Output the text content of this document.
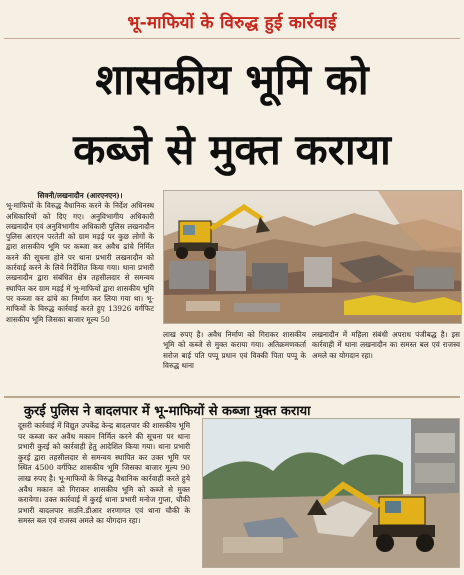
भू-माफियों के विरुद्ध हुई कार्रवाई
शासकीय भूमि को
कब्जे से मुक्त कराया
सिवनी/लखनादौन (आरएनएन)।
भू-माफियों के विरुद्ध वैधानिक करने के निर्देश अधिनस्थ अधिकारियों को दिए गए। अनुविभागीय अधिकारी लखनादौन एवं अनुविभागीय अधिकारी पुलिस लखनादौन पुलिस आरएन परतेती को ग्राम मड़ई पर कुछ लोगों के द्वारा शासकीय भूमि पर कब्जा कर अवैध ढांचे निर्मित करने की सूचना होने पर थाना प्रभारी लखनादौन को कार्रवाई करने के लिये निर्देशित किया गया। थाना प्रभारी लखनादौन द्वारा संबंधित क्षेत्र तहसीलदार से समन्वय स्थापित कर ग्राम मड़ई में भू-माफियों द्वारा शासकीय भूमि पर कब्जा कर ढांचे का निर्माण कर लिया गया था। भू-माफियों के विरुद्ध कार्रवाई करते हुए 13926 वर्गफिट शासकीय भूमि जिसका बाजार मूल्य 50
लाख रुपए है। अवैध निर्माण को गिराकर शासकीय भूमि को कब्जे से मुक्त कराया गया। अतिक्रमणकर्ता सरोज बाई पति पप्पू प्रधान एवं विक्की पिता पप्पू के विरुद्ध थाना
लखनादौन में महिला संबंधी अपराध पंजीबद्ध है। इस कार्रवाही में थाना लखनादौन का समस्त बल एवं राजस्व अमले का योगदान रहा।
कुरई पुलिस ने बादलपार में भू-माफियों से कब्जा मुक्त कराया
दूसरी कार्रवाई में विद्युत उपकेंद्र केन्द्र बादलपार की शासकीय भूमि पर कब्जा कर अवैध मकान निर्मित करने की सूचना पर थाना प्रभारी कुरई को कार्रवाही हेतु आदेशित किया गया। थाना प्रभारी कुरई द्वारा तहसीलदार से समन्वय स्थापित कर उक्त भूमि पर स्थित 4500 वर्गफिट शासकीय भूमि जिसका बाजार मूल्य 90 लाख रुपए है। भू-माफियों के विरुद्ध वैधानिक कार्रवाही करते हुये अवैध मकान को गिराकर शासकीय भूमि को कब्जे से मुक्त करायेगा। उक्त कार्रवाई में कुरई थाना प्रभारी मनोज गुप्ता, चौकी प्रभारी बादलपार सउनि.डीआर शरणागत एवं थाना चौकी के समस्त बल एवं राजस्व अमले का योगदान रहा।
